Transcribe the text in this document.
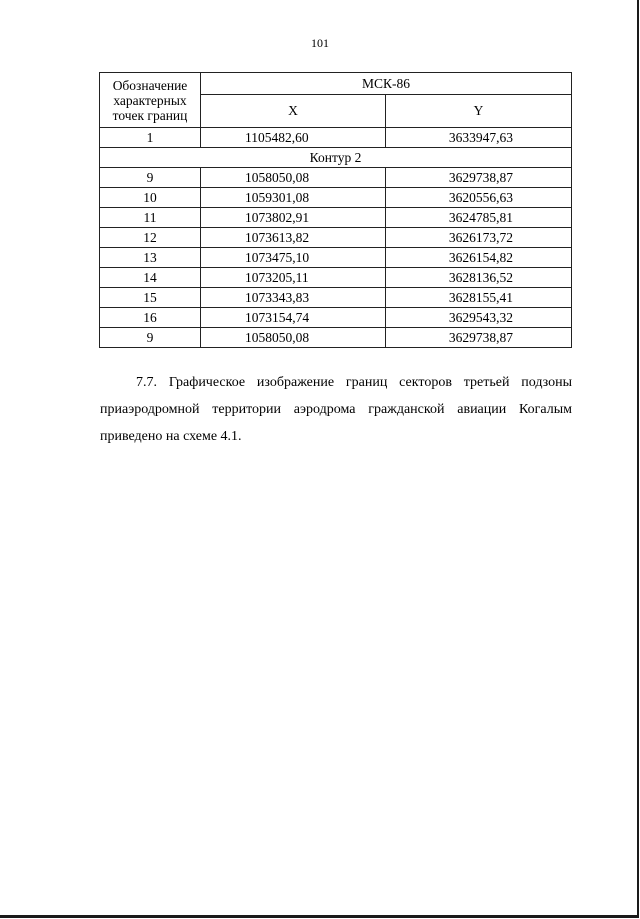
101
Обозначение характерных точек границ	МСК-86	
	X	Y
1	1105482,60	3633947,63
Контур 2		
9	1058050,08	3629738,87
10	1059301,08	3620556,63
11	1073802,91	3624785,81
12	1073613,82	3626173,72
13	1073475,10	3626154,82
14	1073205,11	3628136,52
15	1073343,83	3628155,41
16	1073154,74	3629543,32
9	1058050,08	3629738,87
7.7. Графическое изображение границ секторов третьей подзоны
приаэродромной территории аэродрома гражданской авиации Когалым приведено на схеме 4.1.
